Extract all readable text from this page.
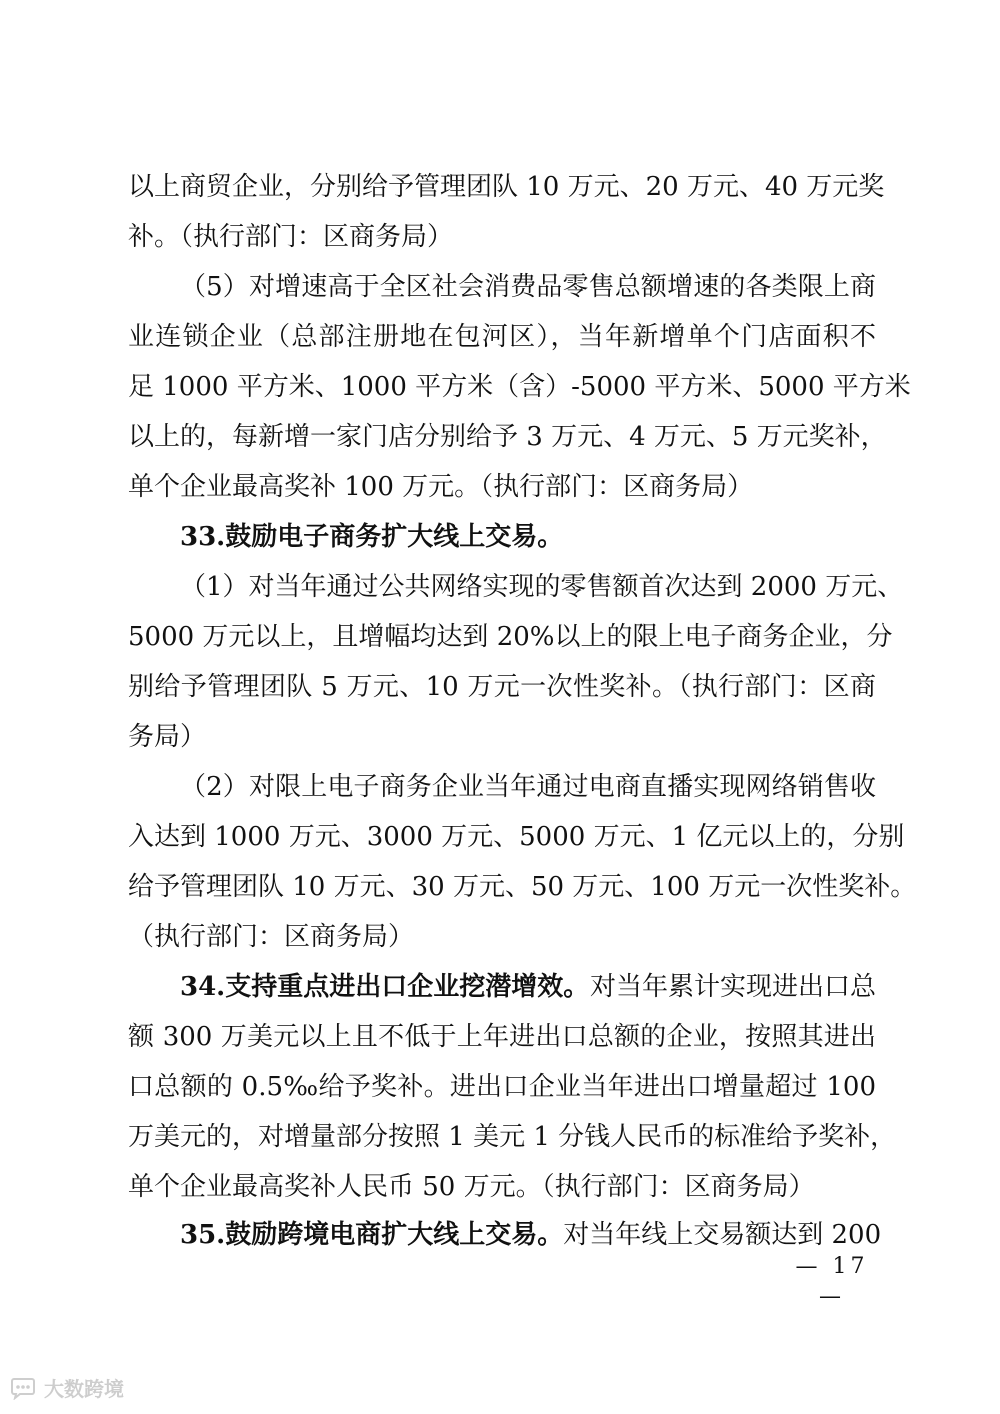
以上商贸企业，分别给予管理团队 10 万元、20 万元、40 万元奖
补。（执行部门：区商务局）
（5）对增速高于全区社会消费品零售总额增速的各类限上商
业连锁企业（总部注册地在包河区），当年新增单个门店面积不
足 1000 平方米、1000 平方米（含）-5000 平方米、5000 平方米
以上的，每新增一家门店分别给予 3 万元、4 万元、5 万元奖补，
单个企业最高奖补 100 万元。（执行部门：区商务局）
33.鼓励电子商务扩大线上交易。
（1）对当年通过公共网络实现的零售额首次达到 2000 万元、
5000 万元以上，且增幅均达到 20%以上的限上电子商务企业，分
别给予管理团队 5 万元、10 万元一次性奖补。（执行部门：区商
务局）
（2）对限上电子商务企业当年通过电商直播实现网络销售收
入达到 1000 万元、3000 万元、5000 万元、1 亿元以上的，分别
给予管理团队 10 万元、30 万元、50 万元、100 万元一次性奖补。
（执行部门：区商务局）
34.支持重点进出口企业挖潜增效。 对当年累计实现进出口总
额 300 万美元以上且不低于上年进出口总额的企业，按照其进出
口总额的 0.5‰给予奖补。进出口企业当年进出口增量超过 100
万美元的，对增量部分按照 1 美元 1 分钱人民币的标准给予奖补，
单个企业最高奖补人民币 50 万元。（执行部门：区商务局）
35.鼓励跨境电商扩大线上交易。 对当年线上交易额达到 200
— 17 —
大数跨境
